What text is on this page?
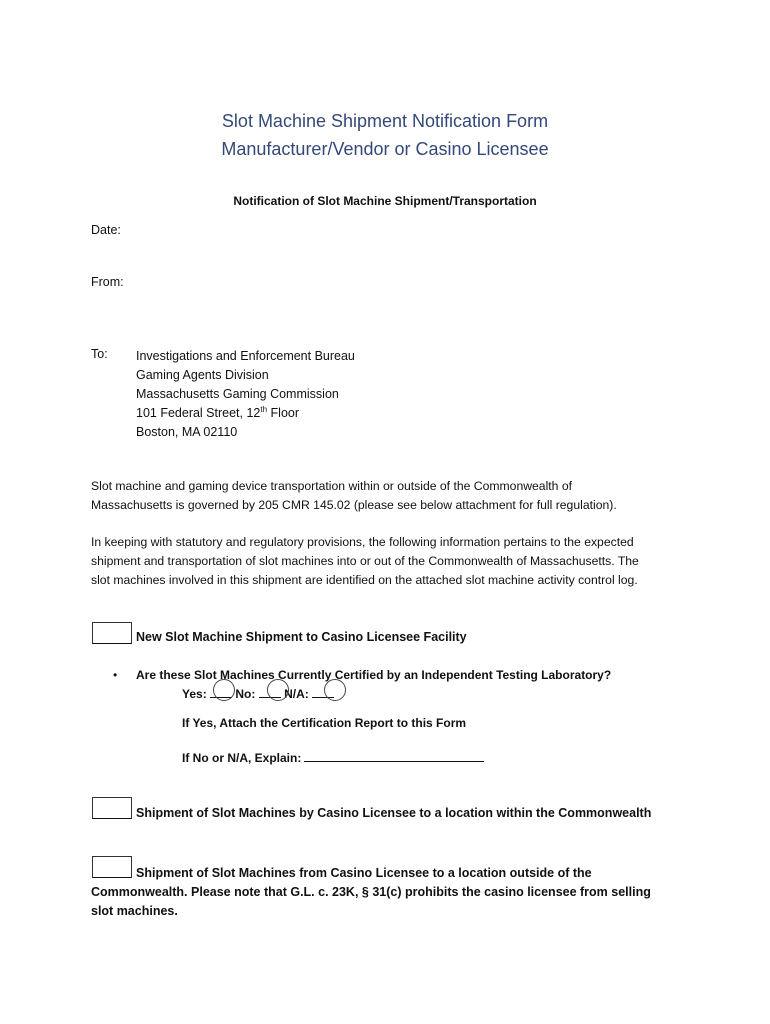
Slot Machine Shipment Notification Form
Manufacturer/Vendor or Casino Licensee
Notification of Slot Machine Shipment/Transportation
Date:
From:
To: Investigations and Enforcement Bureau
Gaming Agents Division
Massachusetts Gaming Commission
101 Federal Street, 12th Floor
Boston, MA 02110
Slot machine and gaming device transportation within or outside of the Commonwealth of
Massachusetts is governed by 205 CMR 145.02 (please see below attachment for full regulation).
In keeping with statutory and regulatory provisions, the following information pertains to the expected
shipment and transportation of slot machines into or out of the Commonwealth of Massachusetts. The
slot machines involved in this shipment are identified on the attached slot machine activity control log.
New Slot Machine Shipment to Casino Licensee Facility
• Are these Slot Machines Currently Certified by an Independent Testing Laboratory?
Yes: No: N/A:
If Yes, Attach the Certification Report to this Form
If No or N/A, Explain:
Shipment of Slot Machines by Casino Licensee to a location within the Commonwealth
Shipment of Slot Machines from Casino Licensee to a location outside of the
Commonwealth. Please note that G.L. c. 23K, § 31(c) prohibits the casino licensee from selling
slot machines.
